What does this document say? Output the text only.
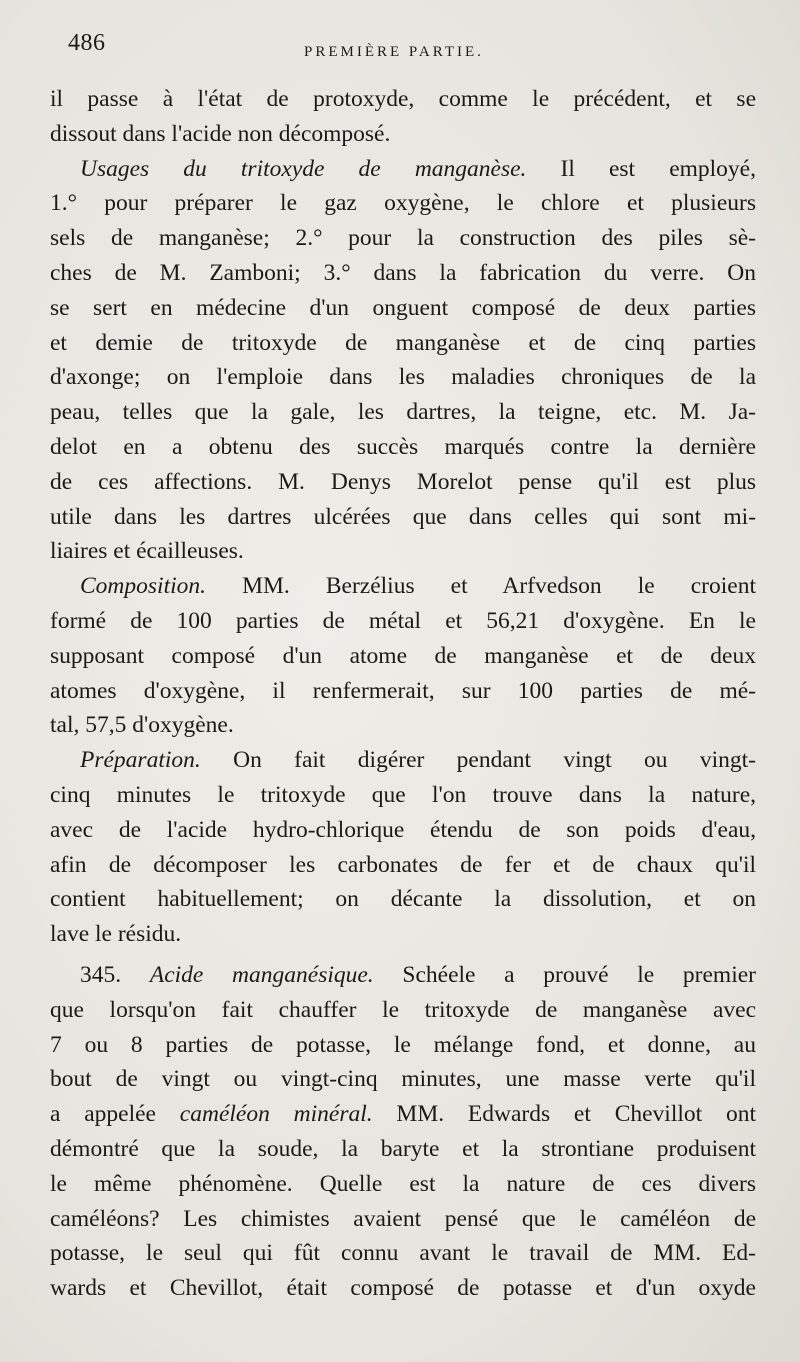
486	PREMIÈRE PARTIE.
il passe à l'état de protoxyde, comme le précédent, et se
dissout dans l'acide non décomposé.
Usages du tritoxyde de manganèse. Il est employé,
1.° pour préparer le gaz oxygène, le chlore et plusieurs
sels de manganèse; 2.° pour la construction des piles sè-
ches de M. Zamboni; 3.° dans la fabrication du verre. On
se sert en médecine d'un onguent composé de deux parties
et demie de tritoxyde de manganèse et de cinq parties
d'axonge; on l'emploie dans les maladies chroniques de la
peau, telles que la gale, les dartres, la teigne, etc. M. Ja-
delot en a obtenu des succès marqués contre la dernière
de ces affections. M. Denys Morelot pense qu'il est plus
utile dans les dartres ulcérées que dans celles qui sont mi-
liaires et écailleuses.
Composition. MM. Berzélius et Arfvedson le croient
formé de 100 parties de métal et 56,21 d'oxygène. En le
supposant composé d'un atome de manganèse et de deux
atomes d'oxygène, il renfermerait, sur 100 parties de mé-
tal, 57,5 d'oxygène.
Préparation. On fait digérer pendant vingt ou vingt-
cinq minutes le tritoxyde que l'on trouve dans la nature,
avec de l'acide hydro-chlorique étendu de son poids d'eau,
afin de décomposer les carbonates de fer et de chaux qu'il
contient habituellement; on décante la dissolution, et on
lave le résidu.
345. Acide manganésique. Schéele a prouvé le premier
que lorsqu'on fait chauffer le tritoxyde de manganèse avec
7 ou 8 parties de potasse, le mélange fond, et donne, au
bout de vingt ou vingt-cinq minutes, une masse verte qu'il
a appelée caméléon minéral. MM. Edwards et Chevillot ont
démontré que la soude, la baryte et la strontiane produisent
le même phénomène. Quelle est la nature de ces divers
caméléons? Les chimistes avaient pensé que le caméléon de
potasse, le seul qui fût connu avant le travail de MM. Ed-
wards et Chevillot, était composé de potasse et d'un oxyde
